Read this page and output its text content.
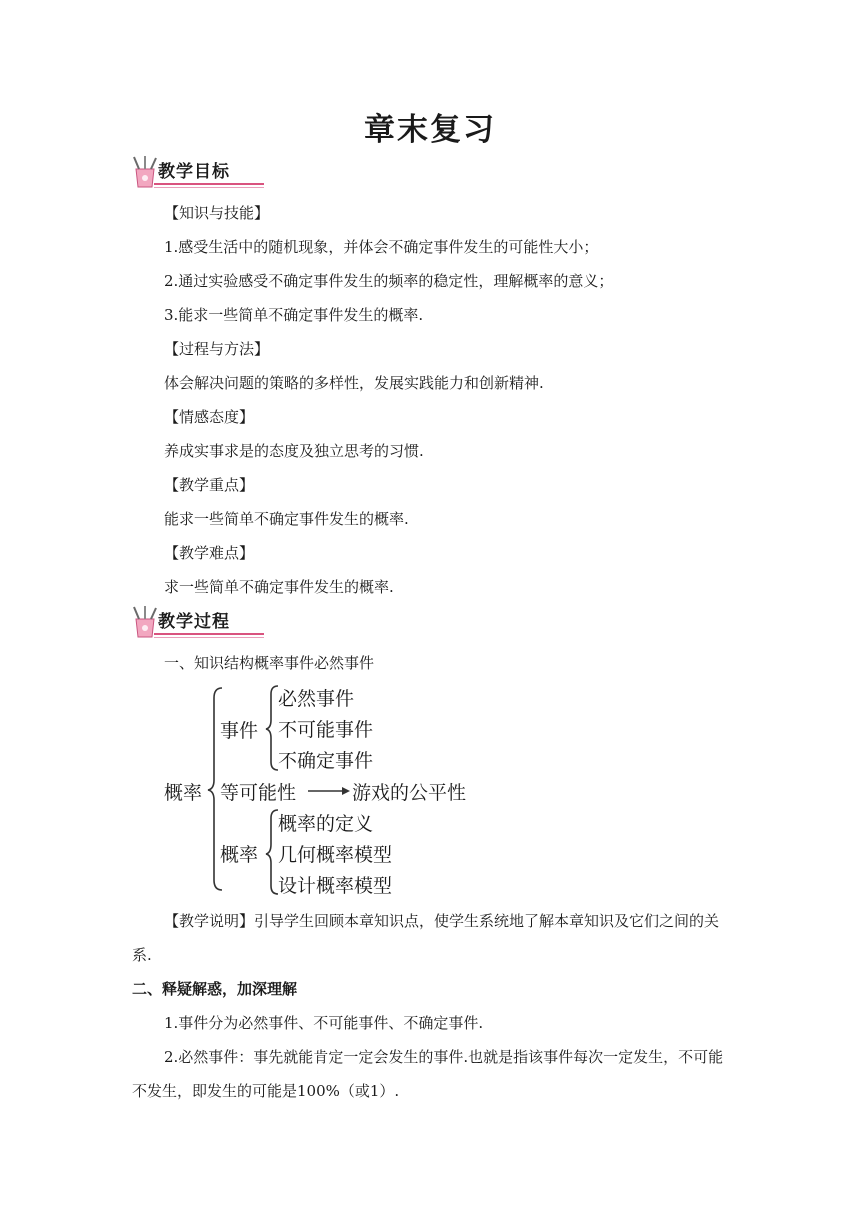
章末复习
教学目标
【知识与技能】
1.感受生活中的随机现象，并体会不确定事件发生的可能性大小；
2.通过实验感受不确定事件发生的频率的稳定性，理解概率的意义；
3.能求一些简单不确定事件发生的概率.
【过程与方法】
体会解决问题的策略的多样性，发展实践能力和创新精神.
【情感态度】
养成实事求是的态度及独立思考的习惯.
【教学重点】
能求一些简单不确定事件发生的概率.
【教学难点】
求一些简单不确定事件发生的概率.
教学过程
一、知识结构概率事件必然事件
概率
事件
必然事件
不可能事件
不确定事件
等可能性	游戏的公平性
概率
概率的定义
几何概率模型
设计概率模型
【教学说明】引导学生回顾本章知识点，使学生系统地了解本章知识及它们之间的关系.
二、释疑解惑，加深理解
1.事件分为必然事件、不可能事件、不确定事件.
2.必然事件：事先就能肯定一定会发生的事件.也就是指该事件每次一定发生，不可能不发生，即发生的可能是100%（或1）.
